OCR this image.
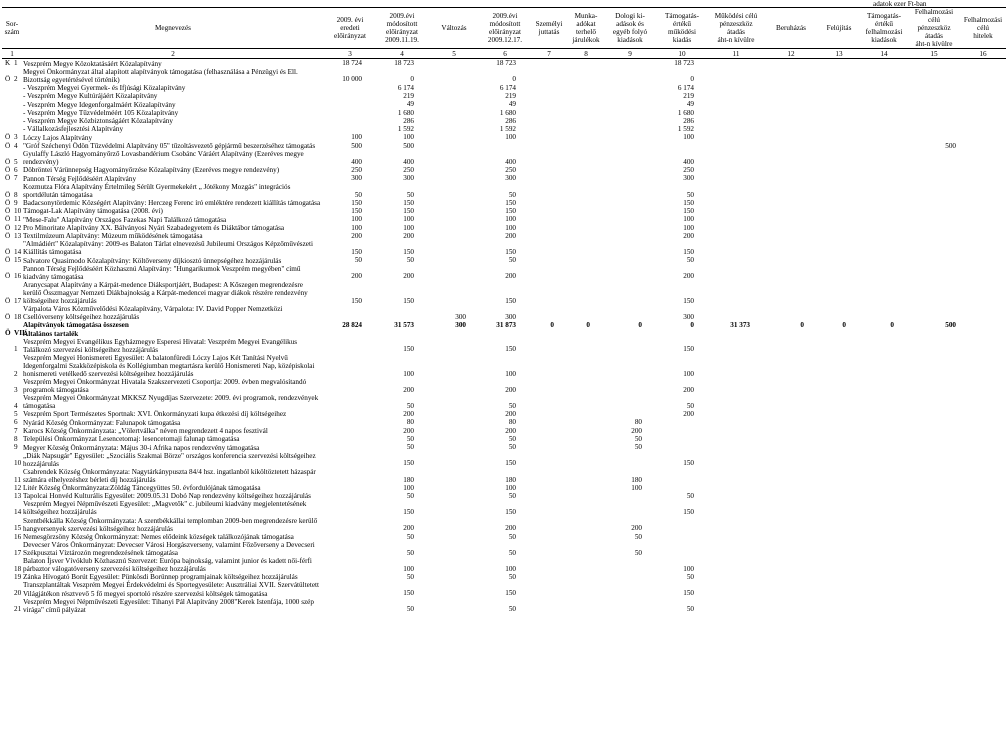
adatok ezer Ft-ban
Sor-
szám		Megnevezés	2009. évi
eredeti
előirányzat	2009.évi
módosított
előirányzat
2009.11.19.	Változás	2009.évi
módosított
előirányzat
2009.12.17.	Személyi
juttatás	Munka-
adókat
terhelő
járulékok	Dologi ki-
adások és
egyéb folyó
kiadások	Támogatás-
értékű
működési
kiadás	Működési célú
pénzeszköz
átadás
áht-n kívülre	Beruházás	Felújítás	Támogatás-
értékű
felhalmozási
kiadások	Felhalmozási célú
pénzeszköz
átadás
áht-n kívülre	Felhalmozási
célú
hitelek
1		2	3	4	5	6	7	8	9	10	11	12	13	14	15	16
K	1	Veszprém Megye Közoktatásáért Közalapítvány	18 724	18 723		18 723				18 723						
Ö	2	Megyei Önkormányzat által alapított alapítványok támogatása (felhasználása a Pénzügyi és Ell. Bizottság egyetértésével történik)	10 000	0		0				0						
		- Veszprém Megyei Gyermek- és Ifjúsági Közalapítvány		6 174		6 174				6 174						
		- Veszprém Megye Kultúrájáért Közalapítvány		219		219				219						
		- Veszprém Megye Idegenforgalmáért Közalapítvány		49		49				49						
		- Veszprém Megye Tűzvédelméért 105 Közalapítvány		1 680		1 680				1 680						
		- Veszprém Megye Közbiztonságáért Közalapítvány		286		286				286						
		- Vállalkozásfejlesztési Alapítvány		1 592		1 592				1 592						
Ö	3	Lóczy Lajos Alapítvány	100	100		100				100						
Ö	4	"Gróf Széchenyi Ödön Tűzvédelmi Alapítvány 05" tűzoltásvezető gépjármű beszerzéséhez támogatás	500	500											500	
Ö	5	Gyulaffy László Hagyományőrző Lovasbandérium Csobánc Váráért Alapítvány (Ezeréves megye rendezvény)	400	400		400				400						
Ö	6	Döbröntei Várünnepség Hagyományőrzése Közalapítvány (Ezeréves megye rendezvény)	250	250		250				250						
Ö	7	Pannon Térség Fejlődéséért Alapítvány	300	300		300				300						
Ö	8	Kozmutza Flóra Alapítvány Értelmileg Sérült Gyermekekért „ Jótékony Mozgás" integrációs sportdélután támogatása	50	50		50				50						
Ö	9	Badacsonytördemic Községért Alapítvány: Herczeg Ferenc író emléktére rendezett kiállítás támogatása	150	150		150				150						
Ö	10	Támogat-Lak Alapítvány támogatása (2008. évi)	150	150		150				150						
Ö	11	"Mese-Falu" Alapítvány Országos Fazekas Napi Találkozó támogatása	100	100		100				100						
Ö	12	Pro Minoritate Alapítvány XX. Bálványosi Nyári Szabadegyetem és Diáktábor támogatása	100	100		100				100						
Ö	13	Textilmúzeum Alapítvány: Múzeum működésének támogatása	200	200		200				200						
Ö	14	"Almádiért" Közalapítvány: 2009-es Balaton Tárlat elnevezésű Jubileumi Országos Képzőművészeti Kiállítás támogatása	150	150		150				150						
Ö	15	Salvatore Quasimodo Közalapítvány: Költőverseny díjkiosztó ünnepségéhez hozzájárulás	50	50		50				50						
Ö	16	Pannon Térség Fejlődéséért Közhasznú Alapítvány: "Hungarikumok Veszprém megyében" című kiadvány támogatása	200	200		200				200						
Ö	17	Aranycsapat Alapítvány a Kárpát-medence Diáksportjáért, Budapest: A Kőszegen megrendezésre kerülő Összmagyar Nemzeti Diákbajnokság a Kárpát-medencei magyar diákok részére rendezvény költségeihez hozzájárulás	150	150		150				150						
Ö	18	Várpalota Város Közművelődési Közalapítvány, Várpalota: IV. David Popper Nemzetközi Csellóverseny költségeihez hozzájárulás			300	300				300						
		Alapítványok támogatása összesen	28 824	31 573	300	31 873	0	0	0	0	31 373	0	0	0	500	
Ö	VII.	Általános tartalék														
	1	Veszprém Megyei Evangélikus Egyházmegye Esperesi Hivatal: Veszprém Megyei Evangélikus Találkozó szervezési költségeihez hozzájárulás		150		150				150						
	2	Veszprém Megyei Honismereti Egyesület: A balatonfüredi Lóczy Lajos Két Tanítási Nyelvű Idegenforgalmi Szakközépiskola és Kollégiumban megtartásra kerülő Honismereti Nap, középiskolai honismereti vetélkedő szervezési költségeihez hozzájárulás		100		100				100						
	3	Veszprém Megyei Önkormányzat Hivatala Szakszervezeti Csoportja: 2009. évben megvalósítandó programok támogatása		200		200				200						
	4	Veszprém Megyei Önkormányzat MKKSZ Nyugdíjas Szervezete: 2009. évi programok, rendezvények támogatása		50		50				50						
	5	Veszprém Sport Természetes Sportnak: XVI. Önkormányzati kupa étkezési díj költségeihez		200		200				200						
	6	Nyárád Község Önkormányzat: Falunapok támogatása		80		80			80							
	7	Karocs Község Önkormányzata: „Völertválka" néven megrendezett 4 napos fesztivál		200		200			200							
	8	Települési Önkormányzat Lesencetomaj: lesencetomaji falunap támogatása		50		50			50							
	9	Megyer Község Önkormányzata: Május 30-i Afrika napos rendezvény támogatása		50		50			50							
	10	„Diák Napsugár" Egyesület: „Szociális Szakmai Börze" országos konferencia szervezési költségeihez hozzájárulás		150		150				150						
	11	Csabrendek Község Önkormányzata: Nagytárkánypuszta 84/4 hsz. ingatlanból kiköltöztetett házaspár számára elhelyezéshez bérleti díj hozzájárulás		180		180			180							
	12	Litér Község Önkormányzata:Zöldág Táncegyüttes 50. évfordulójának támogatása		100		100			100							
	13	Tapolcai Honvéd Kulturális Egyesület: 2009.05.31 Dobó Nap rendezvény költségeihez hozzájárulás		50		50				50						
	14	Veszprém Megyei Népművészeti Egyesület: „Magvetők" c. jubileumi kiadvány megjelentetésének költségeihez hozzájárulás		150		150				150						
	15	Szentbékkálla Község Önkormányzata: A szentbékkállai templomban 2009-ben megrendezésre kerülő hangversenyek szervezési költségeihez hozzájárulás		200		200			200							
	16	Nemesgörzsöny Község Önkormányzat: Nemes elődeink községek találkozójának támogatása		50		50			50							
	17	Devecser Város Önkormányzat: Devecser Városi Horgászverseny, valamint Főzőverseny a Devecseri Székpusztai Víztározón megrendezésének támogatása		50		50			50							
	18	Balaton Íjsver Vívóklub Közhasznú Szervezet: Európa bajnokság, valamint junior és kadett női-férfi párbaztor válogatóverseny szervezési költségeihez hozzájárulás		100		100				100						
	19	Zánka Hívogató Borút Egyesület: Pünkösdi Borünnep programjainak költségeihez hozzájárulás		50		50				50						
	20	Transzplantáltak Veszprém Megyei Érdekvédelmi és Sportegyesülete: Ausztráliai XVII. Szervátültetett Világjátékon résztvevő 5 fő megyei sportoló részére szervezési költségek támogatása		150		150				150						
	21	Veszprém Megyei Népművészeti Egyesület: Tihanyi Pál Alapítvány 2008"Kerek Istenfája, 1000 szép virága" című pályázat		50		50				50						
